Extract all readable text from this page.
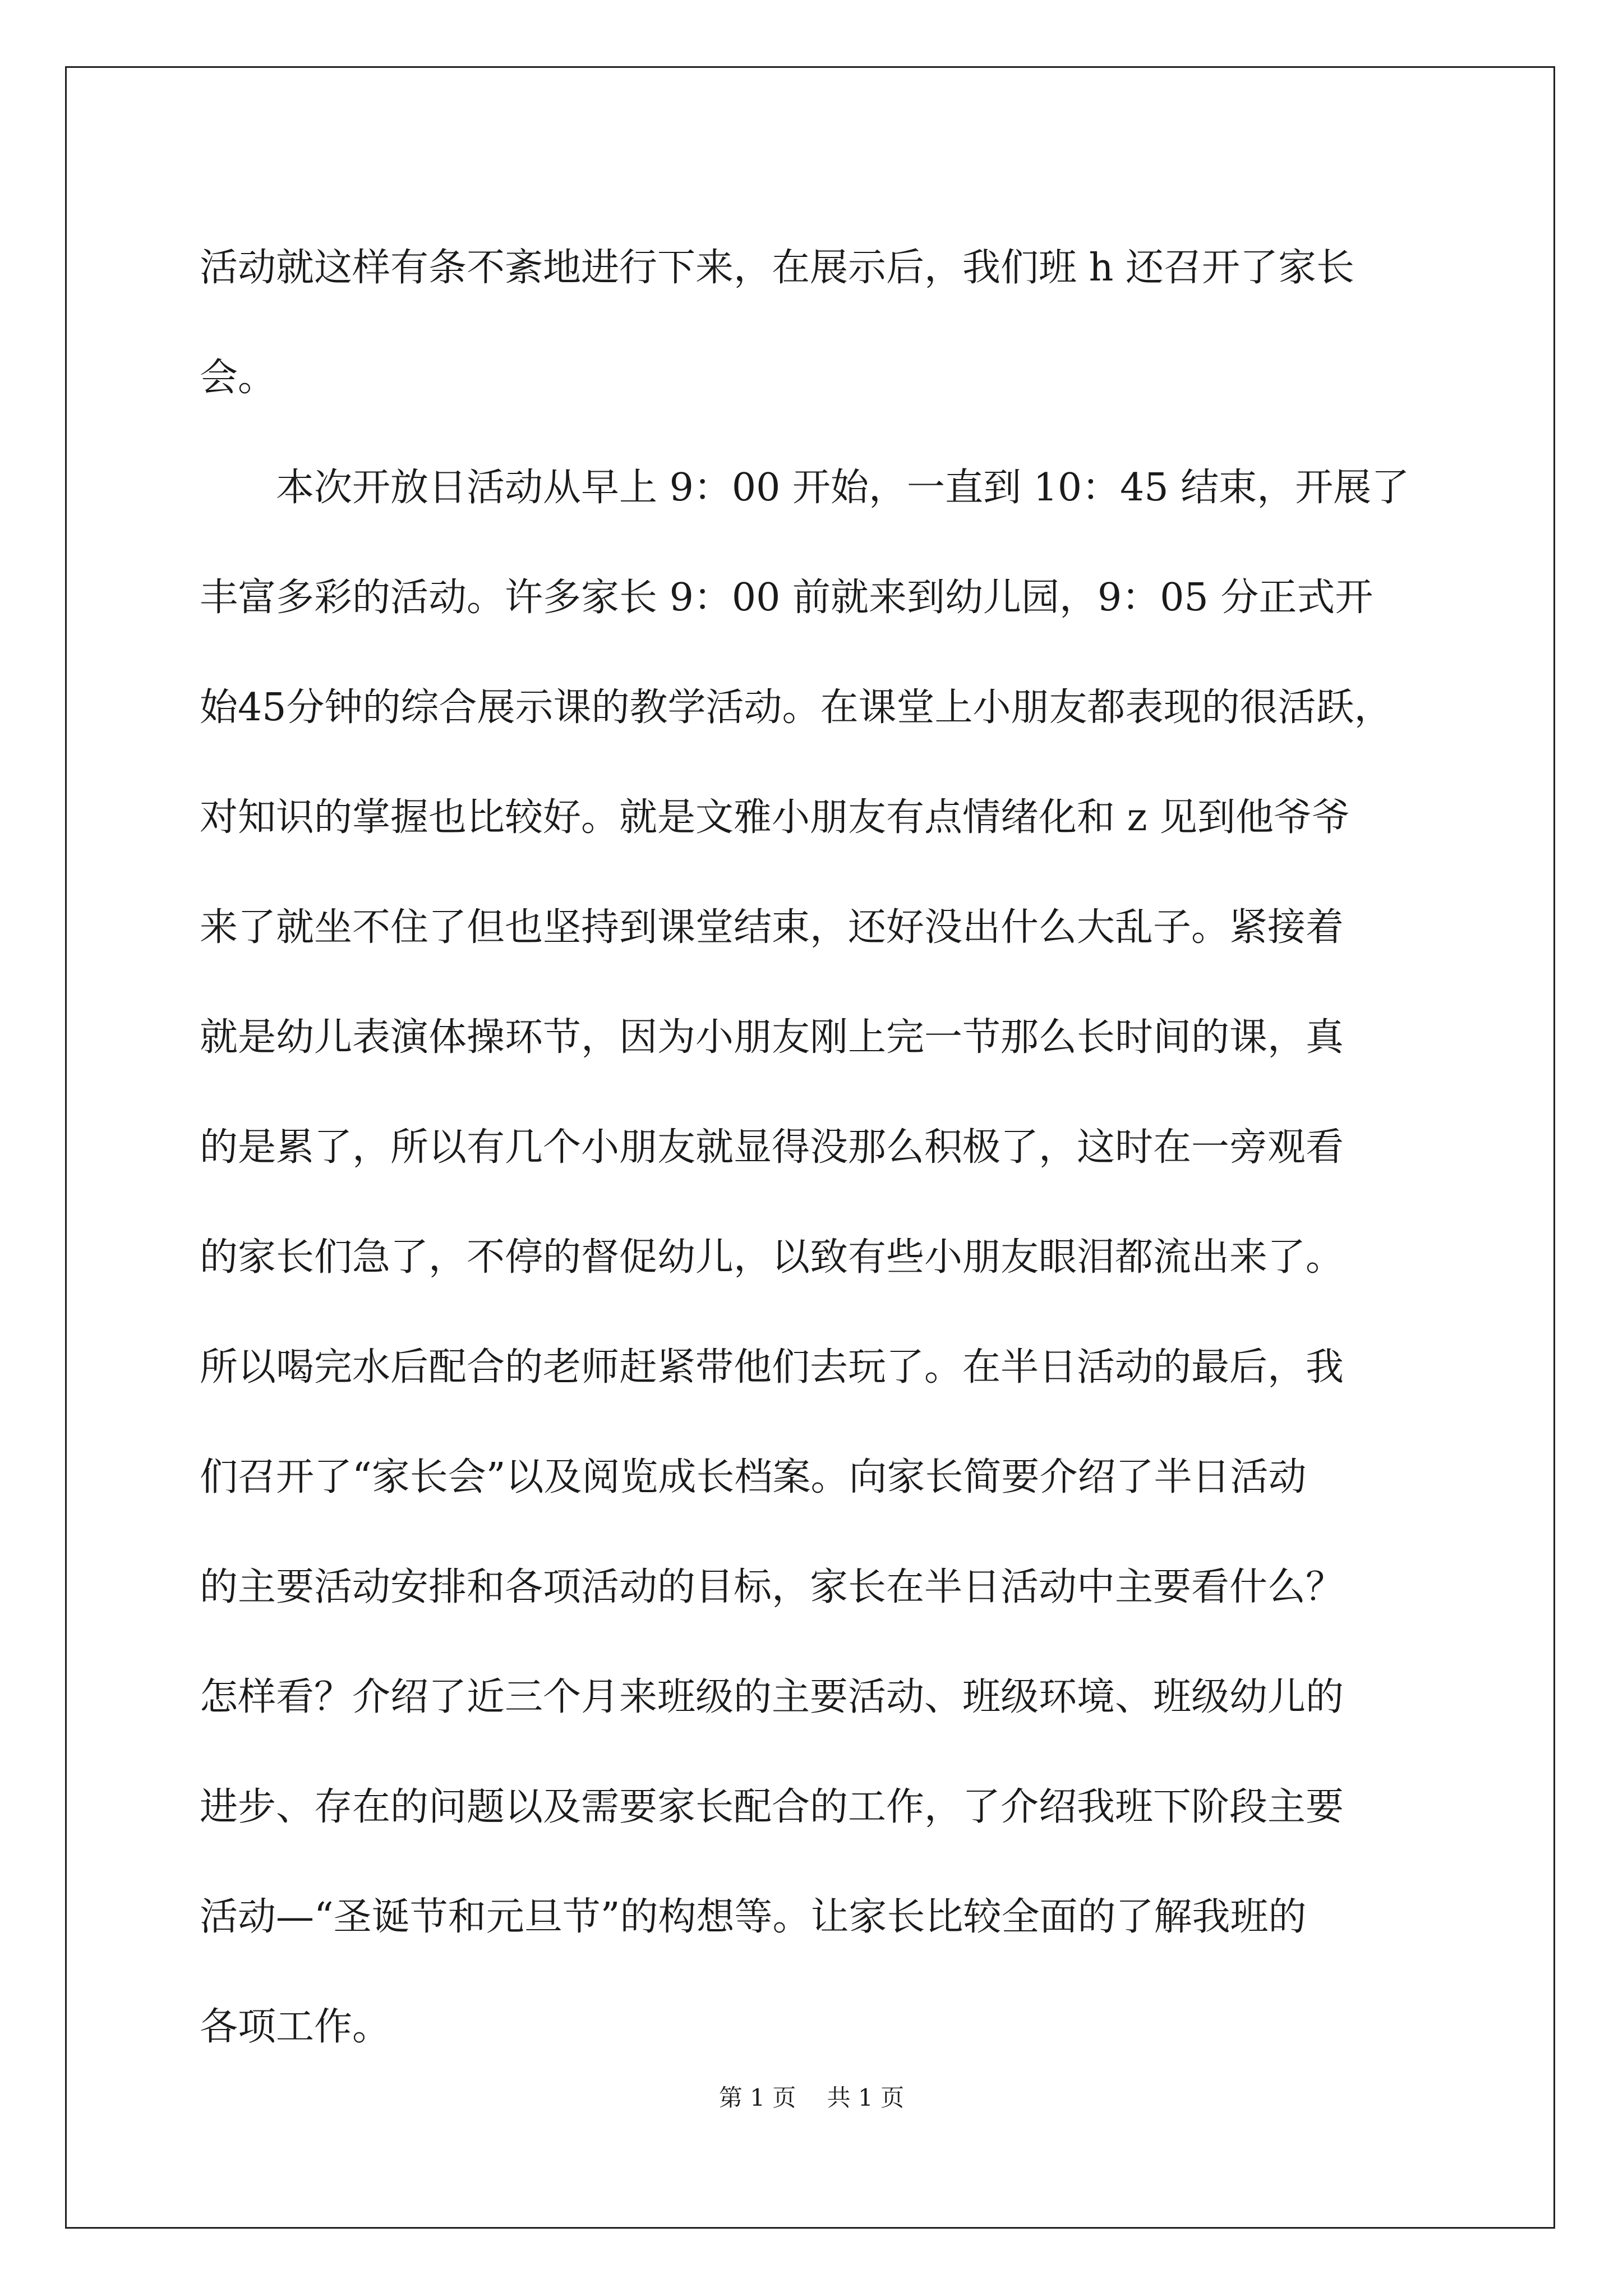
活动就这样有条不紊地进行下来，在展示后，我们班 h 还召开了家长
会。
本次开放日活动从早上 9：00 开始，一直到 10：45 结束，开展了
丰富多彩的活动。许多家长 9：00 前就来到幼儿园，9：05 分正式开
始45分钟的综合展示课的教学活动。在课堂上小朋友都表现的很活跃，
对知识的掌握也比较好。就是文雅小朋友有点情绪化和 z 见到他爷爷
来了就坐不住了但也坚持到课堂结束，还好没出什么大乱子。紧接着
就是幼儿表演体操环节，因为小朋友刚上完一节那么长时间的课，真
的是累了，所以有几个小朋友就显得没那么积极了，这时在一旁观看
的家长们急了，不停的督促幼儿，以致有些小朋友眼泪都流出来了。
所以喝完水后配合的老师赶紧带他们去玩了。在半日活动的最后，我
们召开了“家长会”以及阅览成长档案。向家长简要介绍了半日活动
的主要活动安排和各项活动的目标，家长在半日活动中主要看什么？
怎样看？介绍了近三个月来班级的主要活动、班级环境、班级幼儿的
进步、存在的问题以及需要家长配合的工作，了介绍我班下阶段主要
活动—“圣诞节和元旦节”的构想等。让家长比较全面的了解我班的
各项工作。
第 1 页　 共 1 页
